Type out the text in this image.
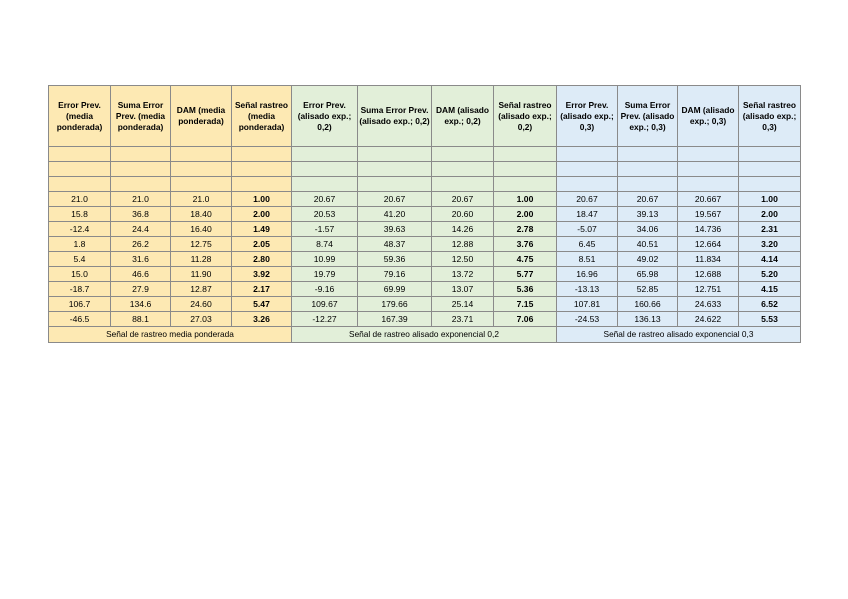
Error Prev. (media ponderada)	Suma Error Prev. (media ponderada)	DAM (media ponderada)	Señal rastreo (media ponderada)	Error Prev. (alisado exp.; 0,2)	Suma Error Prev. (alisado exp.; 0,2)	DAM (alisado exp.; 0,2)	Señal rastreo (alisado exp.; 0,2)	Error Prev. (alisado exp.; 0,3)	Suma Error Prev. (alisado exp.; 0,3)	DAM (alisado exp.; 0,3)	Señal rastreo (alisado exp.; 0,3)

21.0	21.0	21.0	1.00	20.67	20.67	20.67	1.00	20.67	20.67	20.667	1.00
15.8	36.8	18.40	2.00	20.53	41.20	20.60	2.00	18.47	39.13	19.567	2.00
-12.4	24.4	16.40	1.49	-1.57	39.63	14.26	2.78	-5.07	34.06	14.736	2.31
1.8	26.2	12.75	2.05	8.74	48.37	12.88	3.76	6.45	40.51	12.664	3.20
5.4	31.6	11.28	2.80	10.99	59.36	12.50	4.75	8.51	49.02	11.834	4.14
15.0	46.6	11.90	3.92	19.79	79.16	13.72	5.77	16.96	65.98	12.688	5.20
-18.7	27.9	12.87	2.17	-9.16	69.99	13.07	5.36	-13.13	52.85	12.751	4.15
106.7	134.6	24.60	5.47	109.67	179.66	25.14	7.15	107.81	160.66	24.633	6.52
-46.5	88.1	27.03	3.26	-12.27	167.39	23.71	7.06	-24.53	136.13	24.622	5.53
Señal de rastreo media ponderada				Señal de rastreo alisado exponencial 0,2				Señal de rastreo alisado exponencial 0,3			
